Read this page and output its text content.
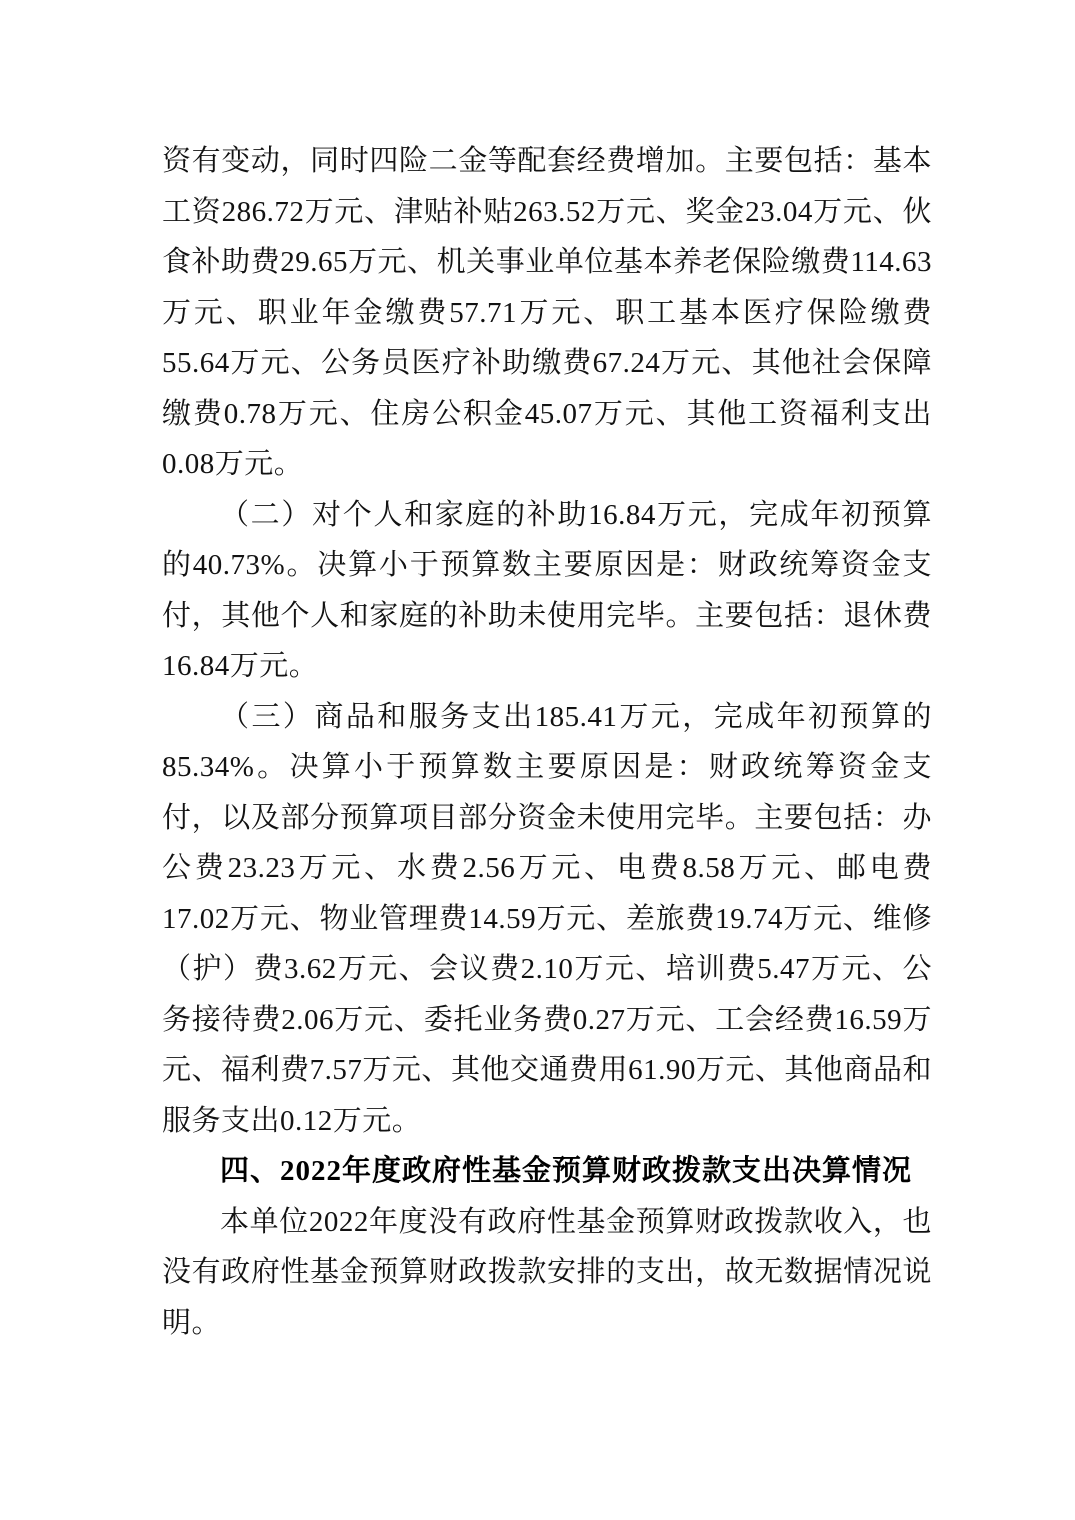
资有变动，同时四险二金等配套经费增加。主要包括：基本工资286.72万元、津贴补贴263.52万元、奖金23.04万元、伙食补助费29.65万元、机关事业单位基本养老保险缴费114.63万元、职业年金缴费57.71万元、职工基本医疗保险缴费55.64万元、公务员医疗补助缴费67.24万元、其他社会保障缴费0.78万元、住房公积金45.07万元、其他工资福利支出0.08万元。

（二）对个人和家庭的补助16.84万元，完成年初预算的40.73%。决算小于预算数主要原因是：财政统筹资金支付，其他个人和家庭的补助未使用完毕。主要包括：退休费16.84万元。

（三）商品和服务支出185.41万元，完成年初预算的85.34%。决算小于预算数主要原因是：财政统筹资金支付，以及部分预算项目部分资金未使用完毕。主要包括：办公费23.23万元、水费2.56万元、电费8.58万元、邮电费17.02万元、物业管理费14.59万元、差旅费19.74万元、维修（护）费3.62万元、会议费2.10万元、培训费5.47万元、公务接待费2.06万元、委托业务费0.27万元、工会经费16.59万元、福利费7.57万元、其他交通费用61.90万元、其他商品和服务支出0.12万元。

四、2022年度政府性基金预算财政拨款支出决算情况

本单位2022年度没有政府性基金预算财政拨款收入，也没有政府性基金预算财政拨款安排的支出，故无数据情况说明。
